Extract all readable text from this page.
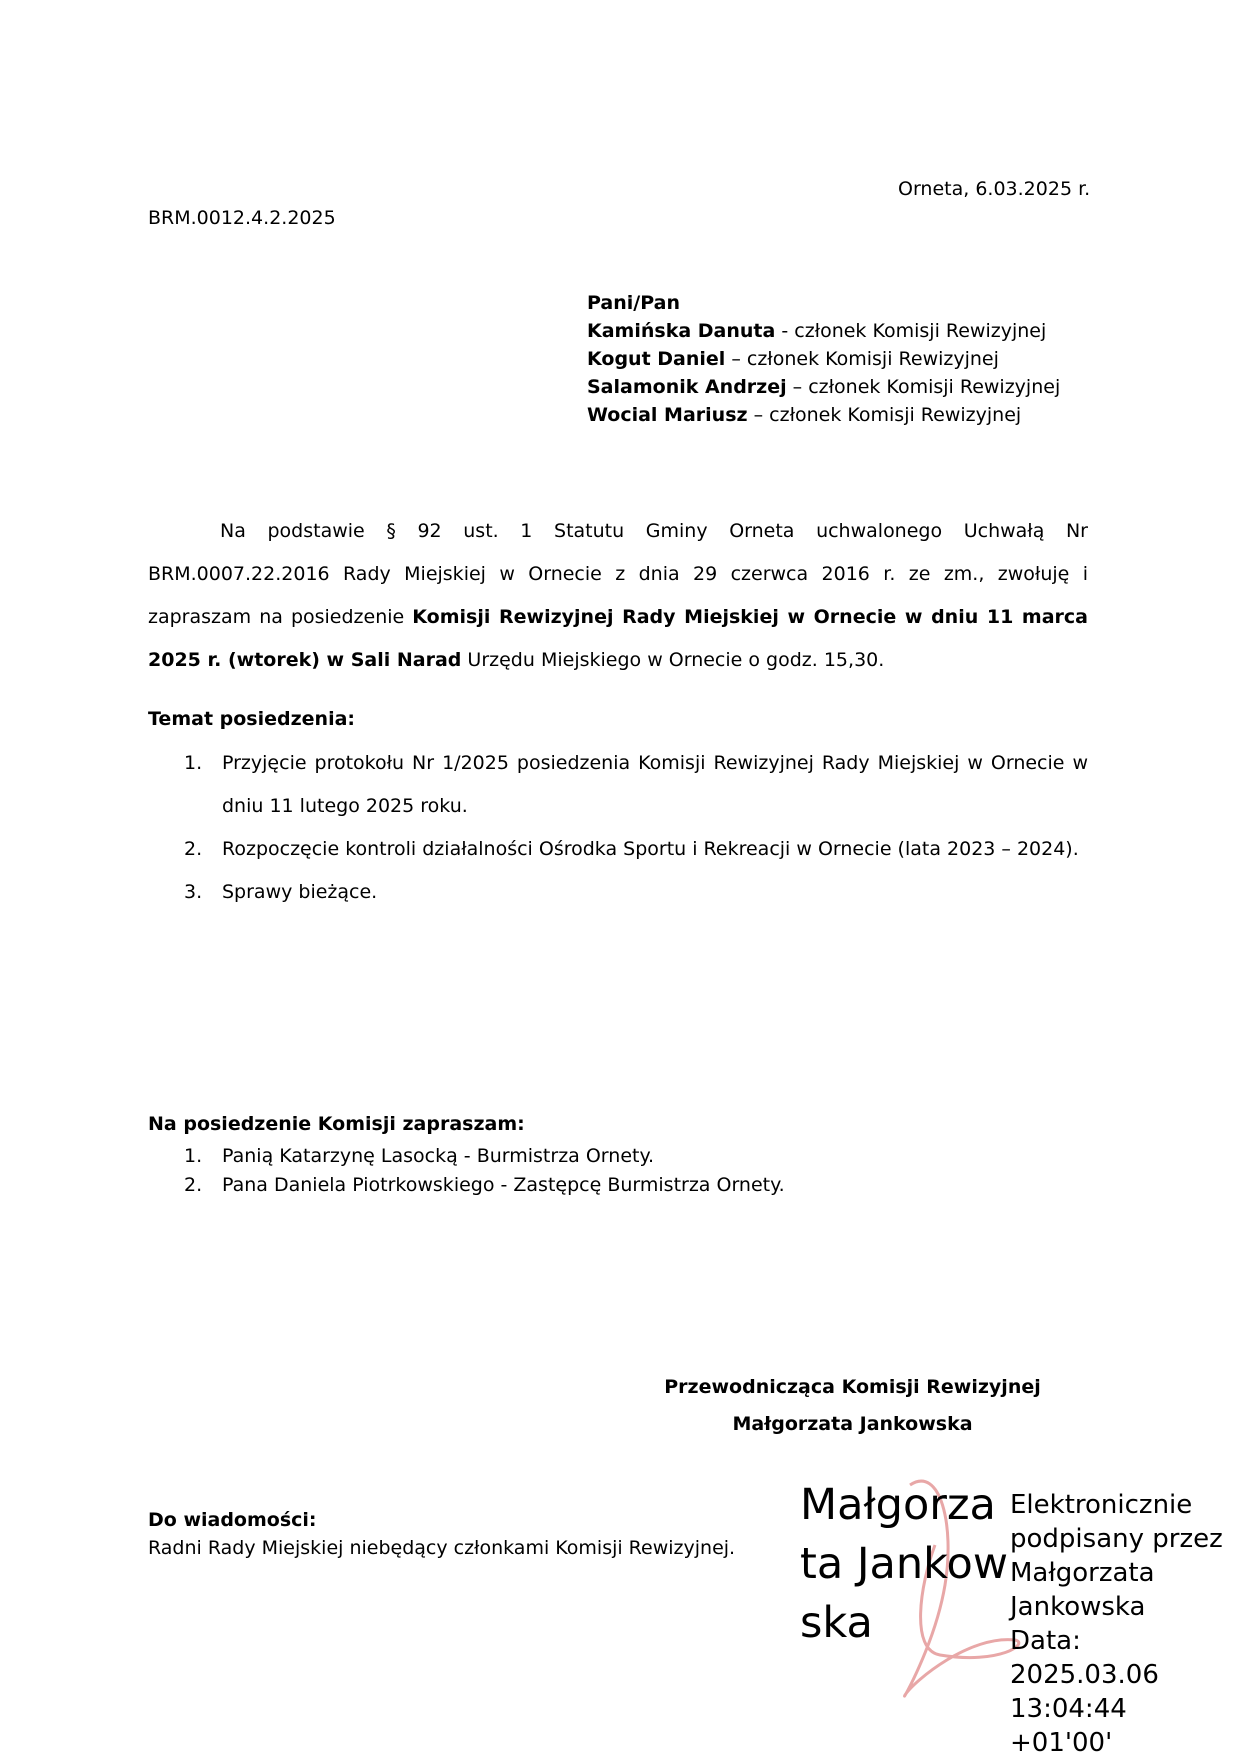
BRM.0012.4.2.2025
Orneta, 6.03.2025 r.
Pani/Pan
Kamińska Danuta - członek Komisji Rewizyjnej
Kogut Daniel – członek Komisji Rewizyjnej
Salamonik Andrzej – członek Komisji Rewizyjnej
Wocial Mariusz – członek Komisji Rewizyjnej
Na podstawie § 92 ust. 1 Statutu Gminy Orneta uchwalonego Uchwałą Nr BRM.0007.22.2016 Rady Miejskiej w Ornecie z dnia 29 czerwca 2016 r. ze zm., zwołuję i zapraszam na posiedzenie Komisji Rewizyjnej Rady Miejskiej w Ornecie w dniu 11 marca 2025 r. (wtorek) w Sali Narad Urzędu Miejskiego w Ornecie o godz. 15,30.
Temat posiedzenia:
1. Przyjęcie protokołu Nr 1/2025 posiedzenia Komisji Rewizyjnej Rady Miejskiej w Ornecie w dniu 11 lutego 2025 roku.
2. Rozpoczęcie kontroli działalności Ośrodka Sportu i Rekreacji w Ornecie (lata 2023 – 2024).
3. Sprawy bieżące.
Na posiedzenie Komisji zapraszam:
1. Panią Katarzynę Lasocką - Burmistrza Ornety.
2. Pana Daniela Piotrkowskiego - Zastępcę Burmistrza Ornety.
Przewodnicząca Komisji Rewizyjnej
Małgorzata Jankowska
Do wiadomości:
Radni Rady Miejskiej niebędący członkami Komisji Rewizyjnej.
Małgorzata Jankowska
Elektronicznie
podpisany przez
Małgorzata
Jankowska
Data: 2025.03.06
13:04:44 +01'00'
